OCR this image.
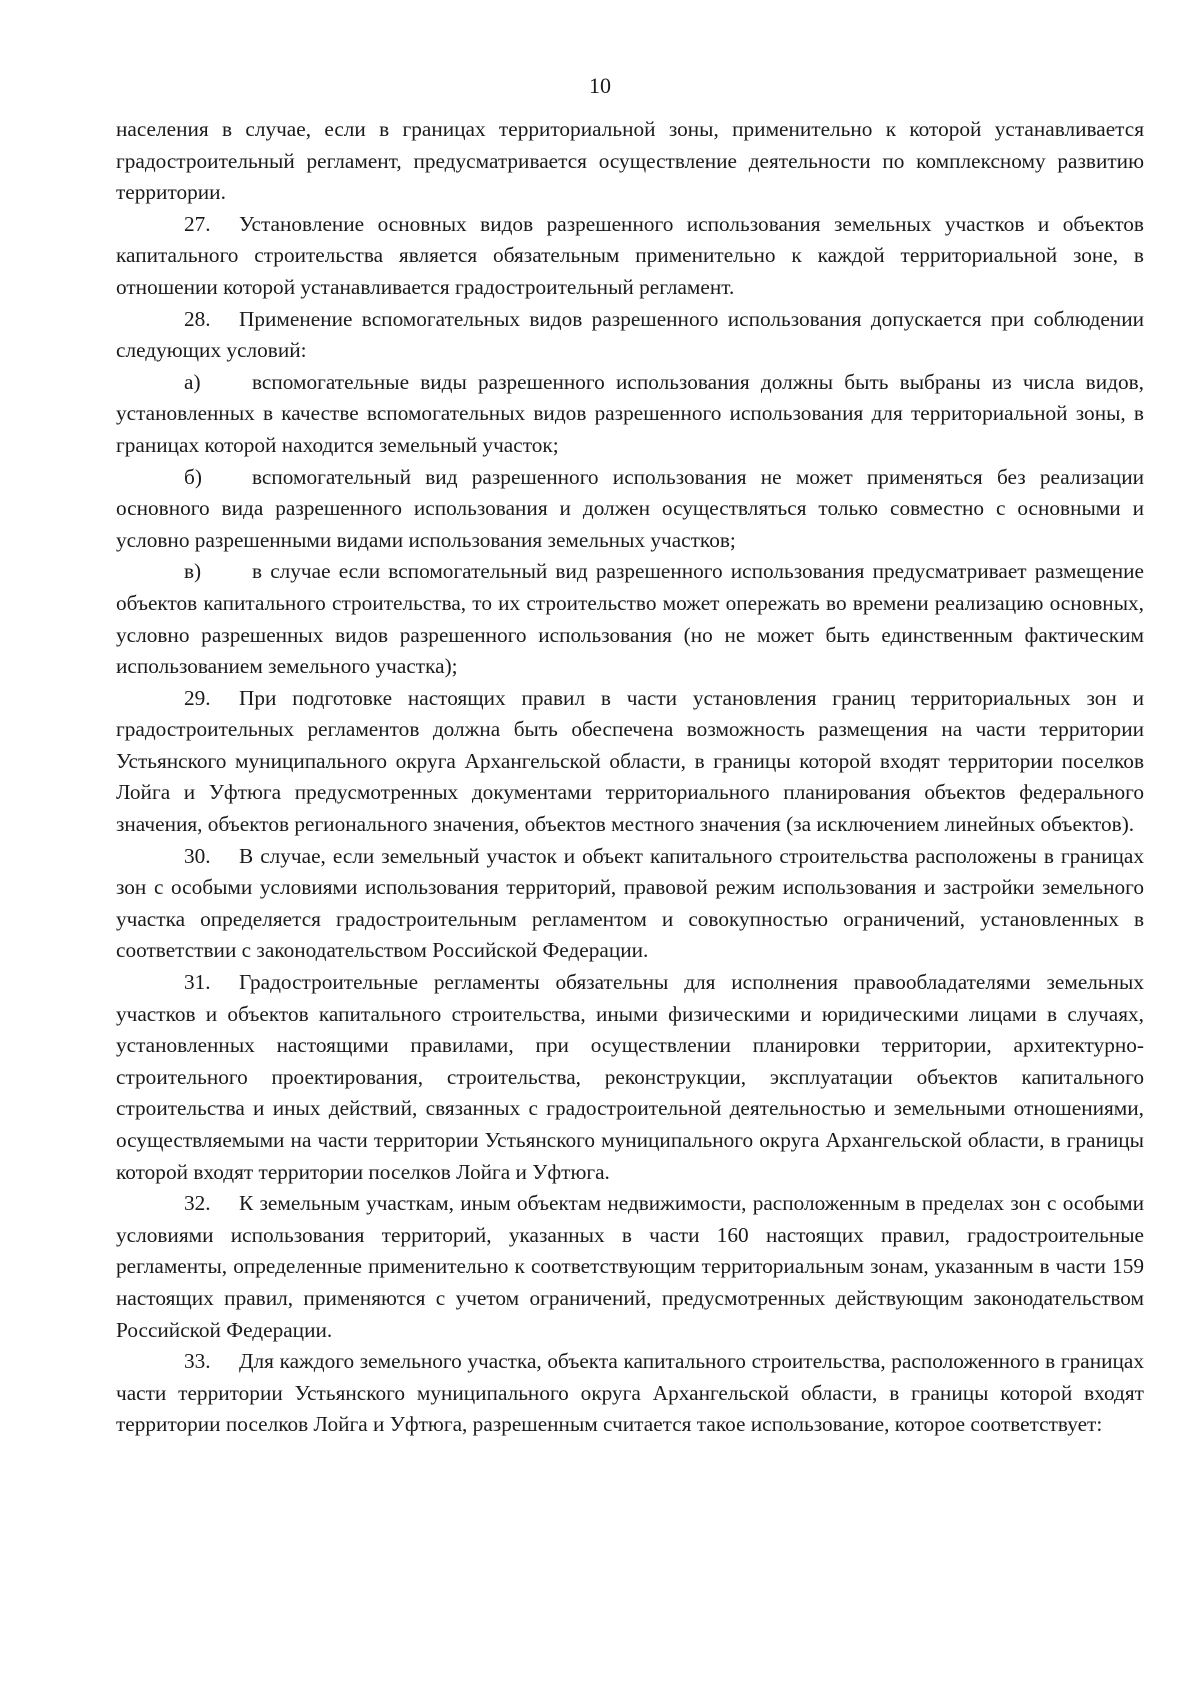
10

населения в случае, если в границах территориальной зоны, применительно к которой устанавливается градостроительный регламент, предусматривается осуществление деятельности по комплексному развитию территории.

27. Установление основных видов разрешенного использования земельных участков и объектов капитального строительства является обязательным применительно к каждой территориальной зоне, в отношении которой устанавливается градостроительный регламент.

28. Применение вспомогательных видов разрешенного использования допускается при соблюдении следующих условий:

а) вспомогательные виды разрешенного использования должны быть выбраны из числа видов, установленных в качестве вспомогательных видов разрешенного использования для территориальной зоны, в границах которой находится земельный участок;

б) вспомогательный вид разрешенного использования не может применяться без реализации основного вида разрешенного использования и должен осуществляться только совместно с основными и условно разрешенными видами использования земельных участков;

в) в случае если вспомогательный вид разрешенного использования предусматривает размещение объектов капитального строительства, то их строительство может опережать во времени реализацию основных, условно разрешенных видов разрешенного использования (но не может быть единственным фактическим использованием земельного участка);

29. При подготовке настоящих правил в части установления границ территориальных зон и градостроительных регламентов должна быть обеспечена возможность размещения на части территории Устьянского муниципального округа Архангельской области, в границы которой входят территории поселков Лойга и Уфтюга предусмотренных документами территориального планирования объектов федерального значения, объектов регионального значения, объектов местного значения (за исключением линейных объектов).

30. В случае, если земельный участок и объект капитального строительства расположены в границах зон с особыми условиями использования территорий, правовой режим использования и застройки земельного участка определяется градостроительным регламентом и совокупностью ограничений, установленных в соответствии с законодательством Российской Федерации.

31. Градостроительные регламенты обязательны для исполнения правообладателями земельных участков и объектов капитального строительства, иными физическими и юридическими лицами в случаях, установленных настоящими правилами, при осуществлении планировки территории, архитектурно-строительного проектирования, строительства, реконструкции, эксплуатации объектов капитального строительства и иных действий, связанных с градостроительной деятельностью и земельными отношениями, осуществляемыми на части территории Устьянского муниципального округа Архангельской области, в границы которой входят территории поселков Лойга и Уфтюга.

32. К земельным участкам, иным объектам недвижимости, расположенным в пределах зон с особыми условиями использования территорий, указанных в части 160 настоящих правил, градостроительные регламенты, определенные применительно к соответствующим территориальным зонам, указанным в части 159 настоящих правил, применяются с учетом ограничений, предусмотренных действующим законодательством Российской Федерации.

33. Для каждого земельного участка, объекта капитального строительства, расположенного в границах части территории Устьянского муниципального округа Архангельской области, в границы которой входят территории поселков Лойга и Уфтюга, разрешенным считается такое использование, которое соответствует:
